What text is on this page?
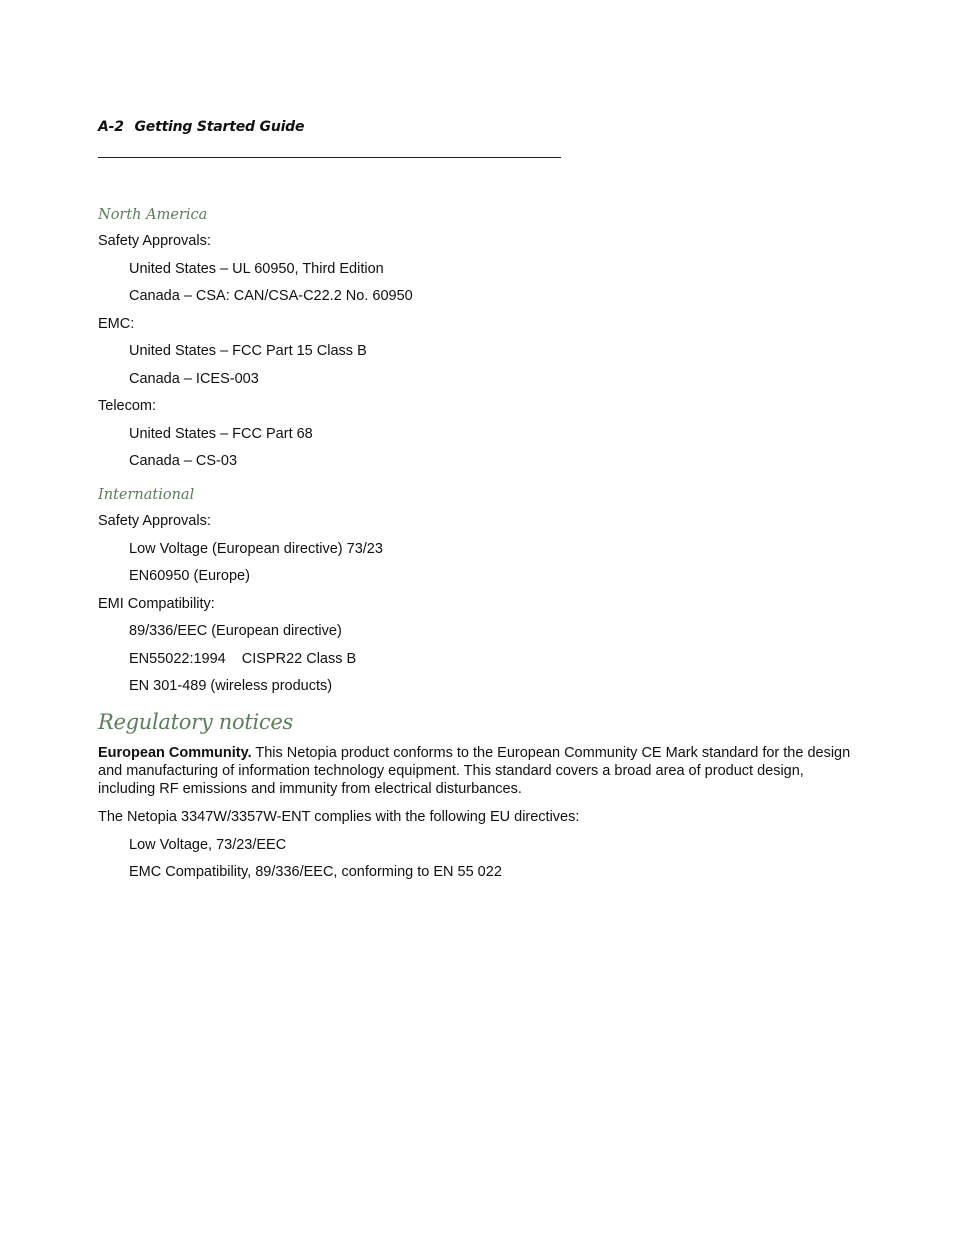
A-2 Getting Started Guide
North America
Safety Approvals:
United States – UL 60950, Third Edition
Canada – CSA: CAN/CSA-C22.2 No. 60950
EMC:
United States – FCC Part 15 Class B
Canada – ICES-003
Telecom:
United States – FCC Part 68
Canada – CS-03
International
Safety Approvals:
Low Voltage (European directive) 73/23
EN60950 (Europe)
EMI Compatibility:
89/336/EEC (European directive)
EN55022:1994 CISPR22 Class B
EN 301-489 (wireless products)
Regulatory notices

European Community. This Netopia product conforms to the European Community CE Mark standard for the design and manufacturing of information technology equipment. This standard covers a broad area of product design, including RF emissions and immunity from electrical disturbances.

The Netopia 3347W/3357W-ENT complies with the following EU directives:
Low Voltage, 73/23/EEC
EMC Compatibility, 89/336/EEC, conforming to EN 55 022
